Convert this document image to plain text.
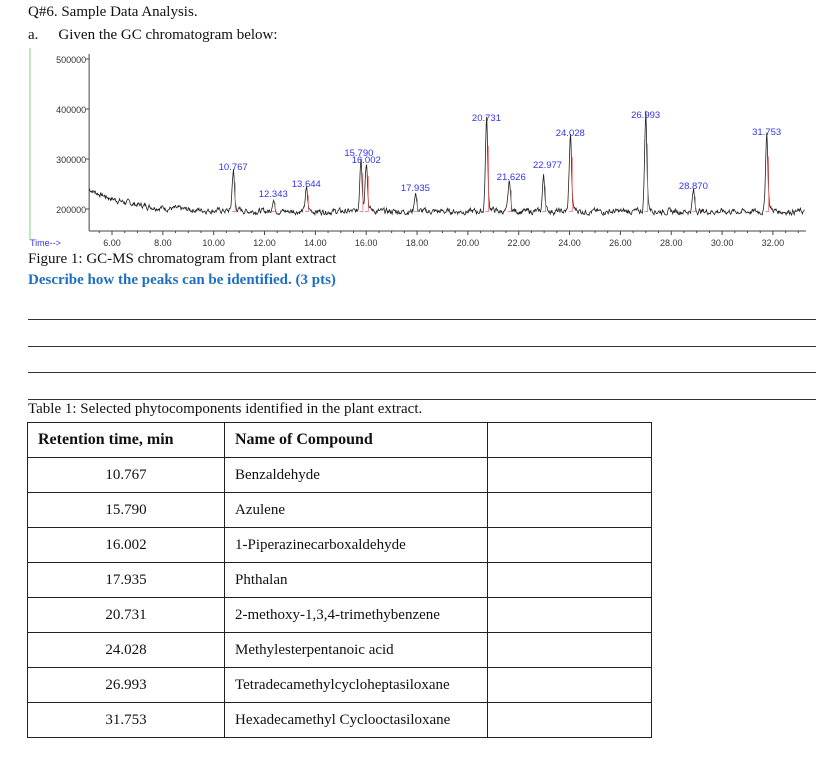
Q#6. Sample Data Analysis.
a. Given the GC chromatogram below:
200000
300000
400000
500000
6.00	8.00	10.00	12.00	14.00	16.00	18.00	20.00	22.00	24.00	26.00	28.00	30.00	32.00
Time-->
10.767
12.343
13.644
15.790
16.002
17.935
20.731
21.626
22.977
24.028
26.993
28.870
31.753
Figure 1: GC-MS chromatogram from plant extract
Describe how the peaks can be identified. (3 pts)
Table 1: Selected phytocomponents identified in the plant extract.
Retention time, min	Name of Compound	
10.767	Benzaldehyde	
15.790	Azulene	
16.002	1-Piperazinecarboxaldehyde	
17.935	Phthalan	
20.731	2-methoxy-1,3,4-trimethybenzene	
24.028	Methylesterpentanoic acid	
26.993	Tetradecamethylcycloheptasiloxane	
31.753	Hexadecamethyl Cyclooctasiloxane	
